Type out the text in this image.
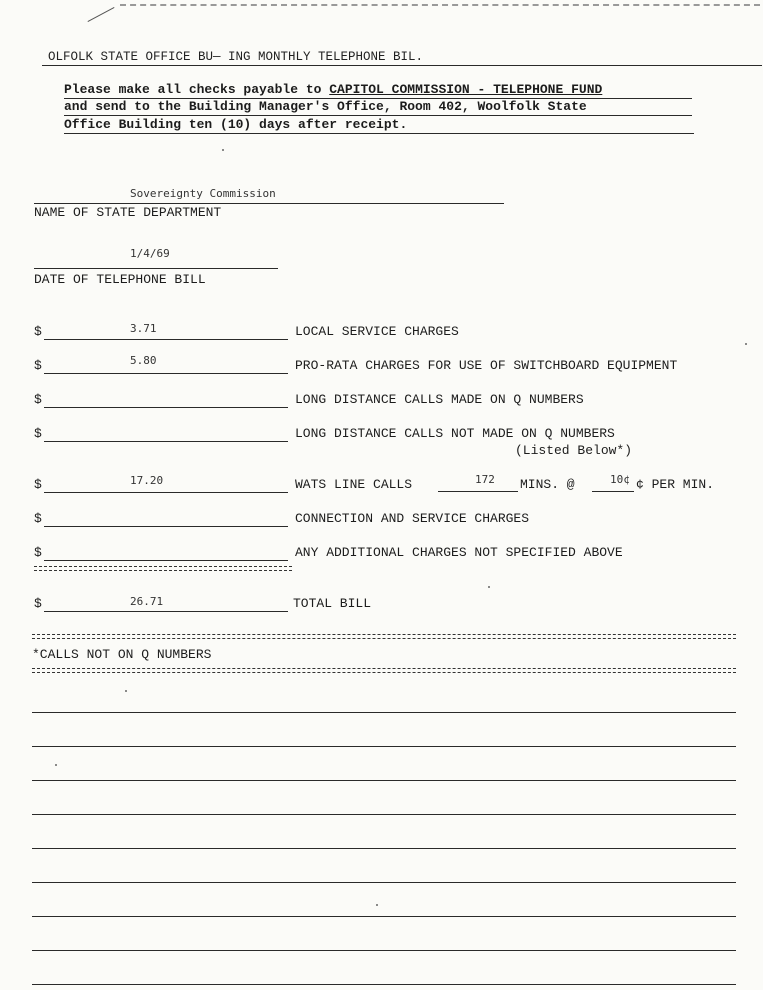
OLFOLK STATE OFFICE BU― ING MONTHLY TELEPHONE BIL.
Please make all checks payable to CAPITOL COMMISSION - TELEPHONE FUND
and send to the Building Manager's Office, Room 402, Woolfolk State
Office Building ten (10) days after receipt.
Sovereignty Commission
NAME OF STATE DEPARTMENT
1/4/69
DATE OF TELEPHONE BILL
$	3.71	LOCAL SERVICE CHARGES
$	5.80	PRO-RATA CHARGES FOR USE OF SWITCHBOARD EQUIPMENT
$	LONG DISTANCE CALLS MADE ON Q NUMBERS
$	LONG DISTANCE CALLS NOT MADE ON Q NUMBERS
(Listed Below*)
$	17.20	WATS LINE CALLS	172 MINS. @	10¢ ¢ PER MIN.
$	CONNECTION AND SERVICE CHARGES
$	ANY ADDITIONAL CHARGES NOT SPECIFIED ABOVE
$	26.71	TOTAL BILL
*CALLS NOT ON Q NUMBERS
